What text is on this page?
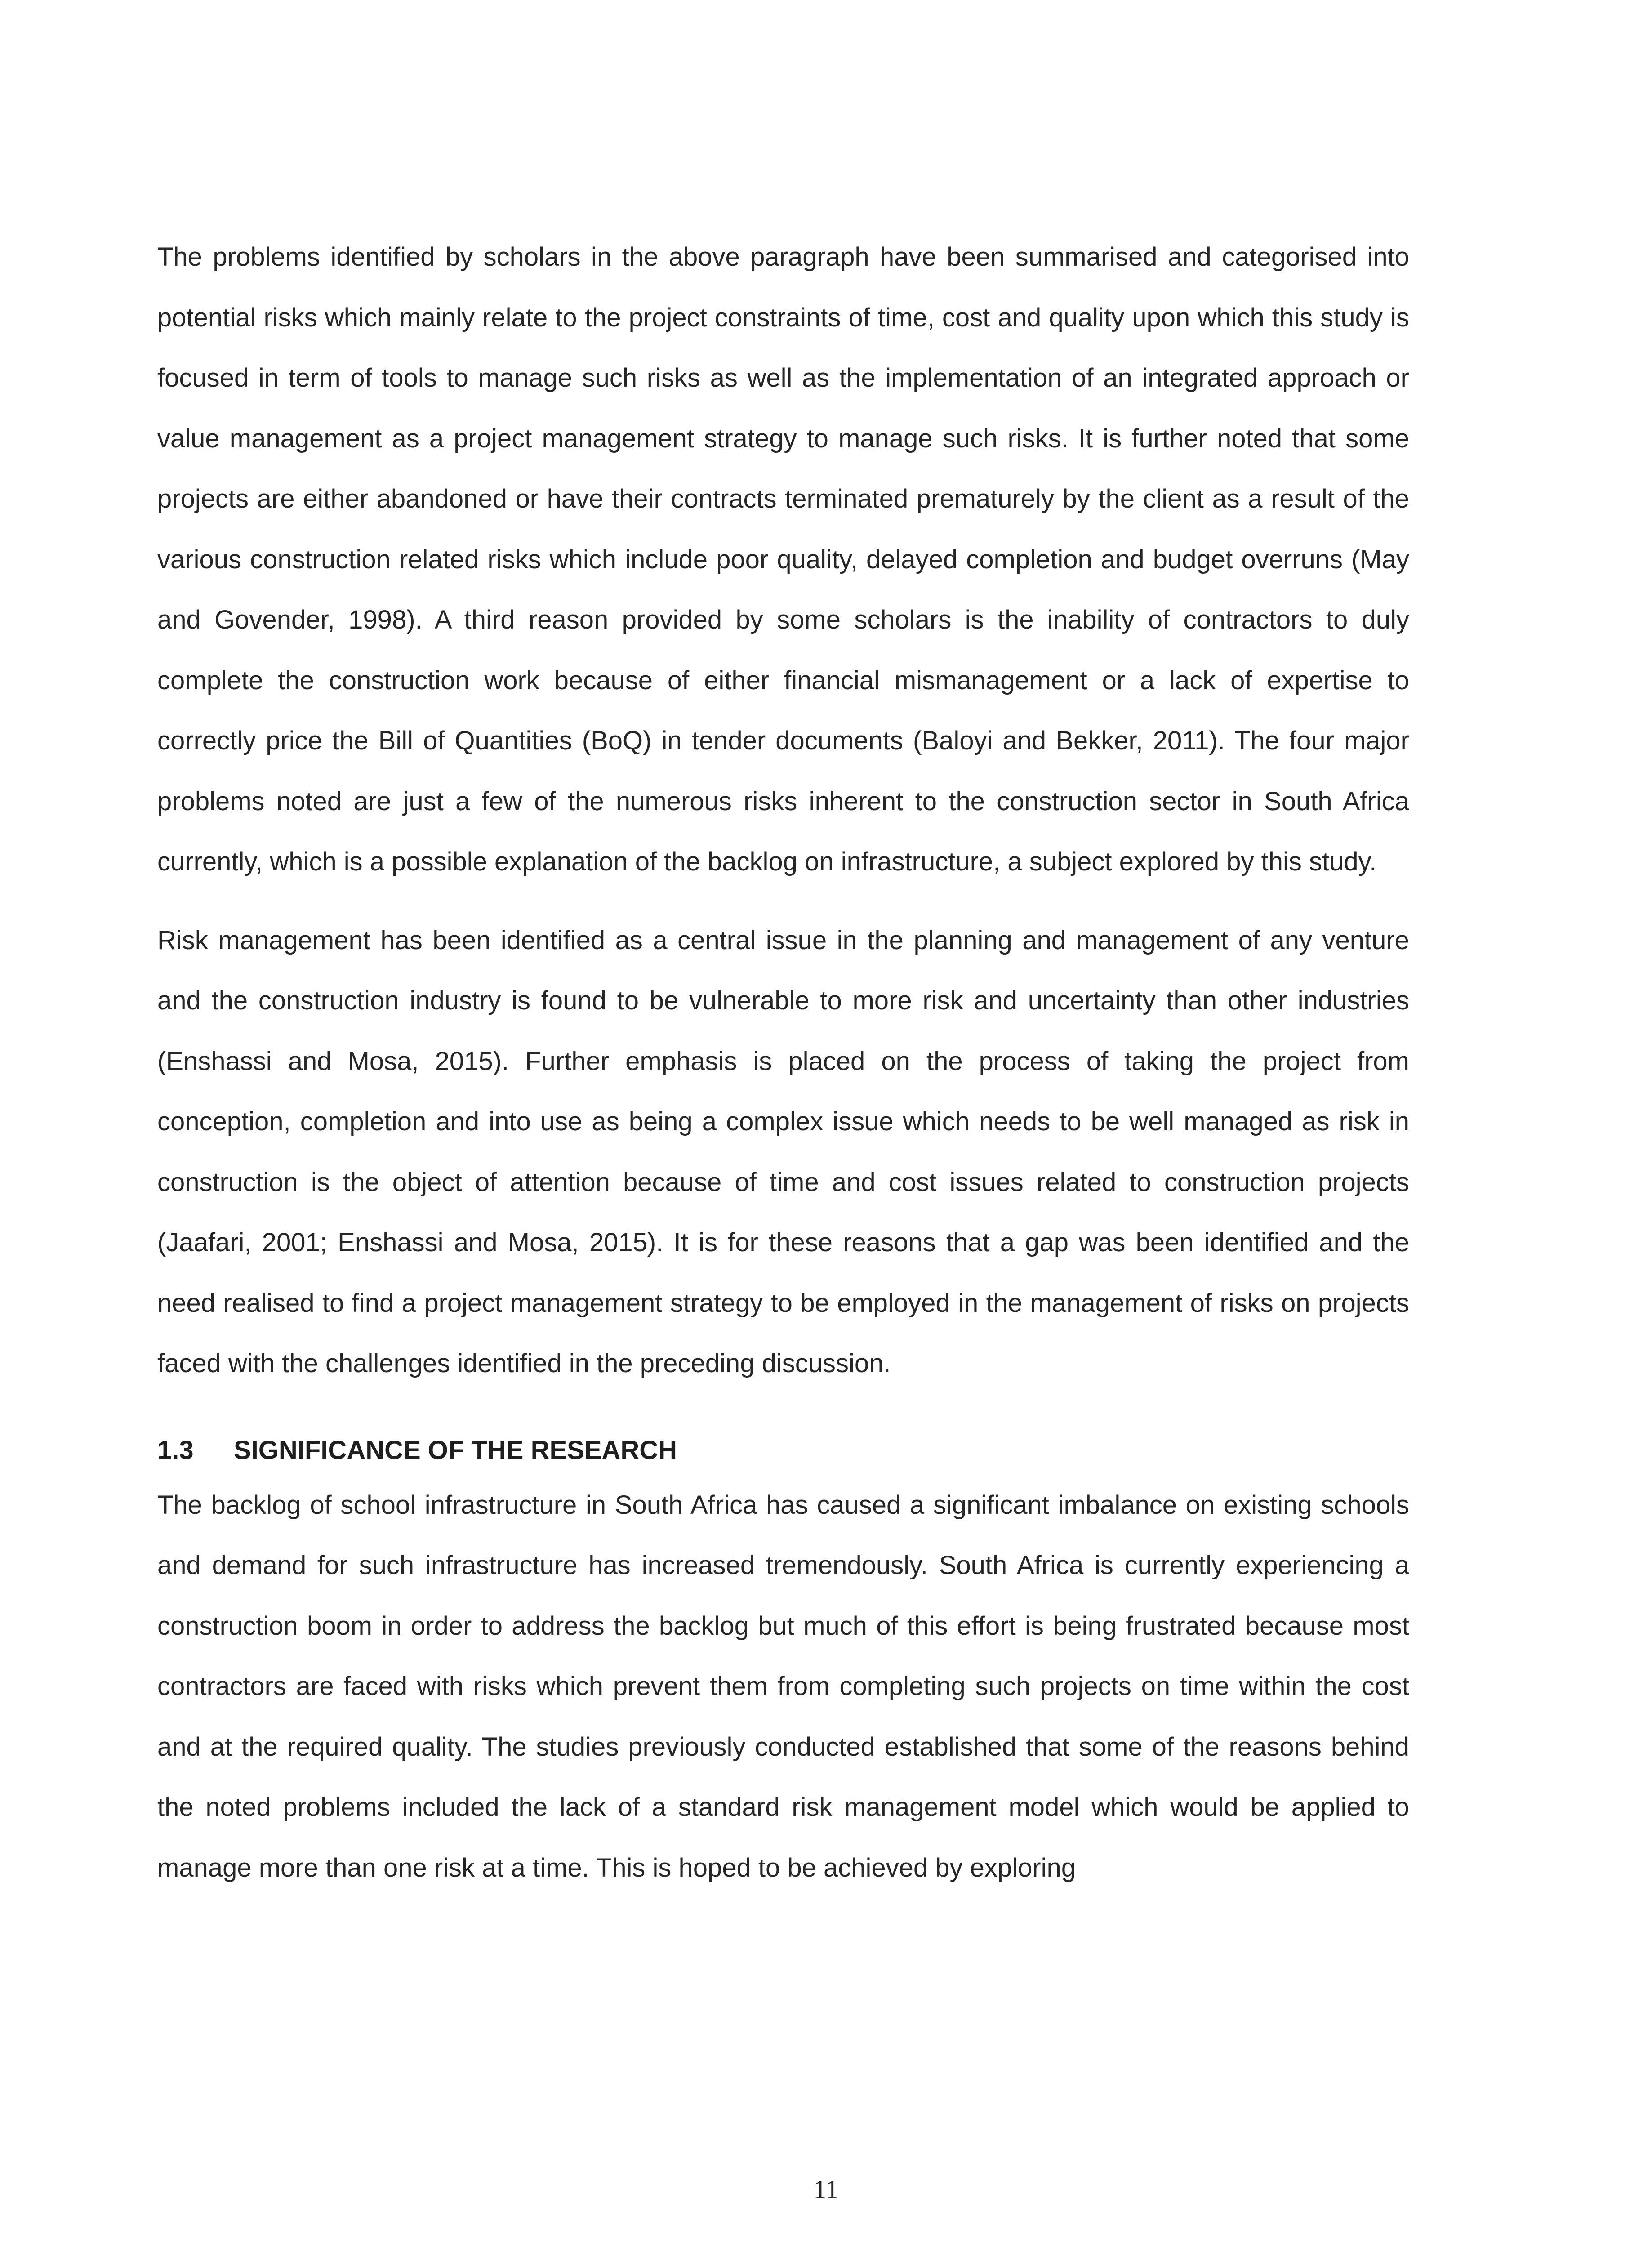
The problems identified by scholars in the above paragraph have been summarised and categorised into potential risks which mainly relate to the project constraints of time, cost and quality upon which this study is focused in term of tools to manage such risks as well as the implementation of an integrated approach or value management as a project management strategy to manage such risks. It is further noted that some projects are either abandoned or have their contracts terminated prematurely by the client as a result of the various construction related risks which include poor quality, delayed completion and budget overruns (May and Govender, 1998). A third reason provided by some scholars is the inability of contractors to duly complete the construction work because of either financial mismanagement or a lack of expertise to correctly price the Bill of Quantities (BoQ) in tender documents (Baloyi and Bekker, 2011). The four major problems noted are just a few of the numerous risks inherent to the construction sector in South Africa currently, which is a possible explanation of the backlog on infrastructure, a subject explored by this study.

Risk management has been identified as a central issue in the planning and management of any venture and the construction industry is found to be vulnerable to more risk and uncertainty than other industries (Enshassi and Mosa, 2015). Further emphasis is placed on the process of taking the project from conception, completion and into use as being a complex issue which needs to be well managed as risk in construction is the object of attention because of time and cost issues related to construction projects (Jaafari, 2001; Enshassi and Mosa, 2015). It is for these reasons that a gap was been identified and the need realised to find a project management strategy to be employed in the management of risks on projects faced with the challenges identified in the preceding discussion.

1.3 SIGNIFICANCE OF THE RESEARCH

The backlog of school infrastructure in South Africa has caused a significant imbalance on existing schools and demand for such infrastructure has increased tremendously. South Africa is currently experiencing a construction boom in order to address the backlog but much of this effort is being frustrated because most contractors are faced with risks which prevent them from completing such projects on time within the cost and at the required quality. The studies previously conducted established that some of the reasons behind the noted problems included the lack of a standard risk management model which would be applied to manage more than one risk at a time. This is hoped to be achieved by exploring

11
